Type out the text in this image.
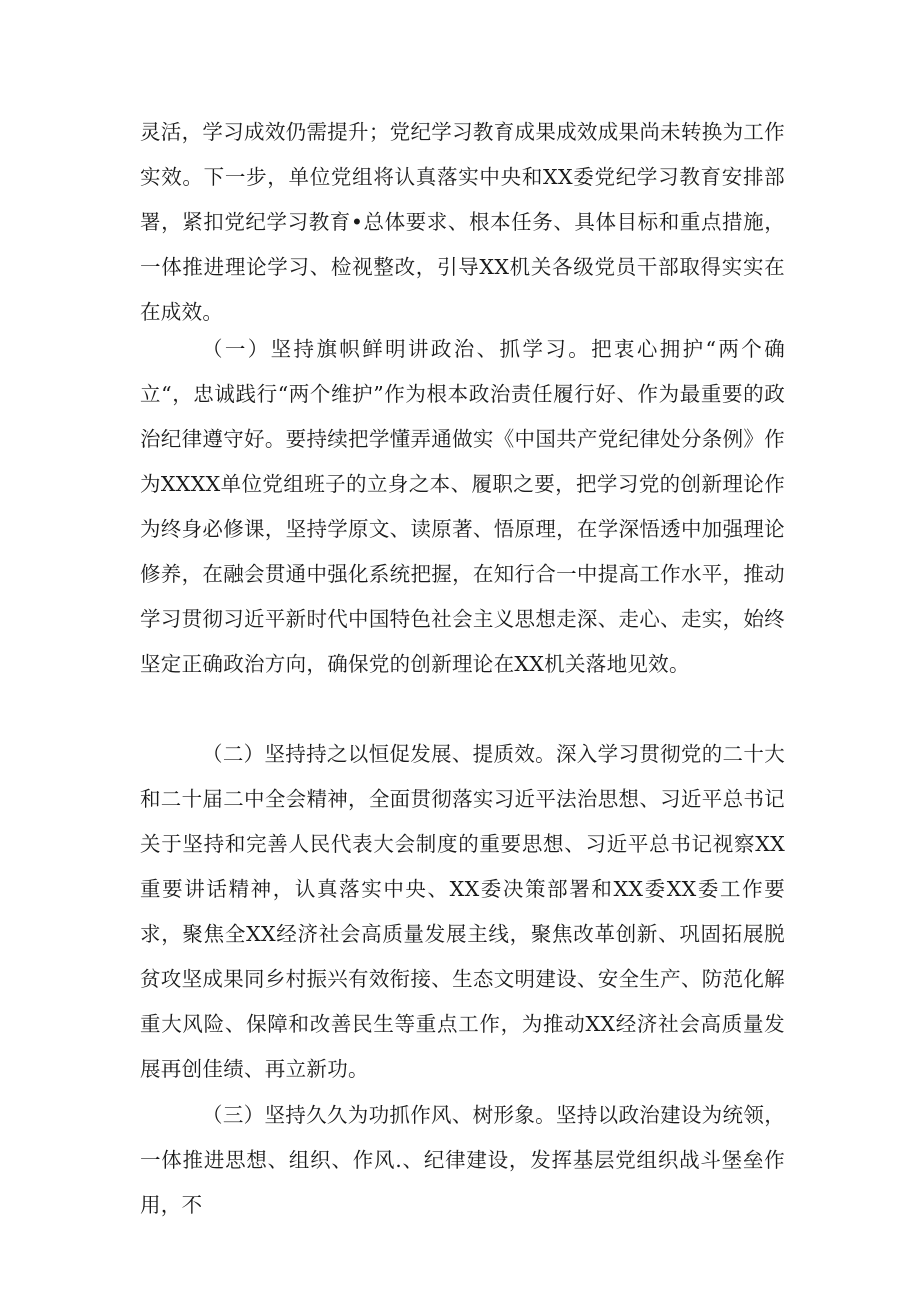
灵活，学习成效仍需提升；党纪学习教育成果成效成果尚未转换为工作实效。下一步，单位党组将认真落实中央和XX委党纪学习教育安排部署，紧扣党纪学习教育•总体要求、根本任务、具体目标和重点措施，一体推进理论学习、检视整改，引导XX机关各级党员干部取得实实在在成效。

（一）坚持旗帜鲜明讲政治、抓学习。把衷心拥护“两个确立“，忠诚践行“两个维护”作为根本政治责任履行好、作为最重要的政治纪律遵守好。要持续把学懂弄通做实《中国共产党纪律处分条例》作为XXXX单位党组班子的立身之本、履职之要，把学习党的创新理论作为终身必修课，坚持学原文、读原著、悟原理，在学深悟透中加强理论修养，在融会贯通中强化系统把握，在知行合一中提高工作水平，推动学习贯彻习近平新时代中国特色社会主义思想走深、走心、走实，始终坚定正确政治方向，确保党的创新理论在XX机关落地见效。

（二）坚持持之以恒促发展、提质效。深入学习贯彻党的二十大和二十届二中全会精神，全面贯彻落实习近平法治思想、习近平总书记关于坚持和完善人民代表大会制度的重要思想、习近平总书记视察XX重要讲话精神，认真落实中央、XX委决策部署和XX委XX委工作要求，聚焦全XX经济社会高质量发展主线，聚焦改革创新、巩固拓展脱贫攻坚成果同乡村振兴有效衔接、生态文明建设、安全生产、防范化解重大风险、保障和改善民生等重点工作，为推动XX经济社会高质量发展再创佳绩、再立新功。

（三）坚持久久为功抓作风、树形象。坚持以政治建设为统领，一体推进思想、组织、作风.、纪律建设，发挥基层党组织战斗堡垒作用，不
